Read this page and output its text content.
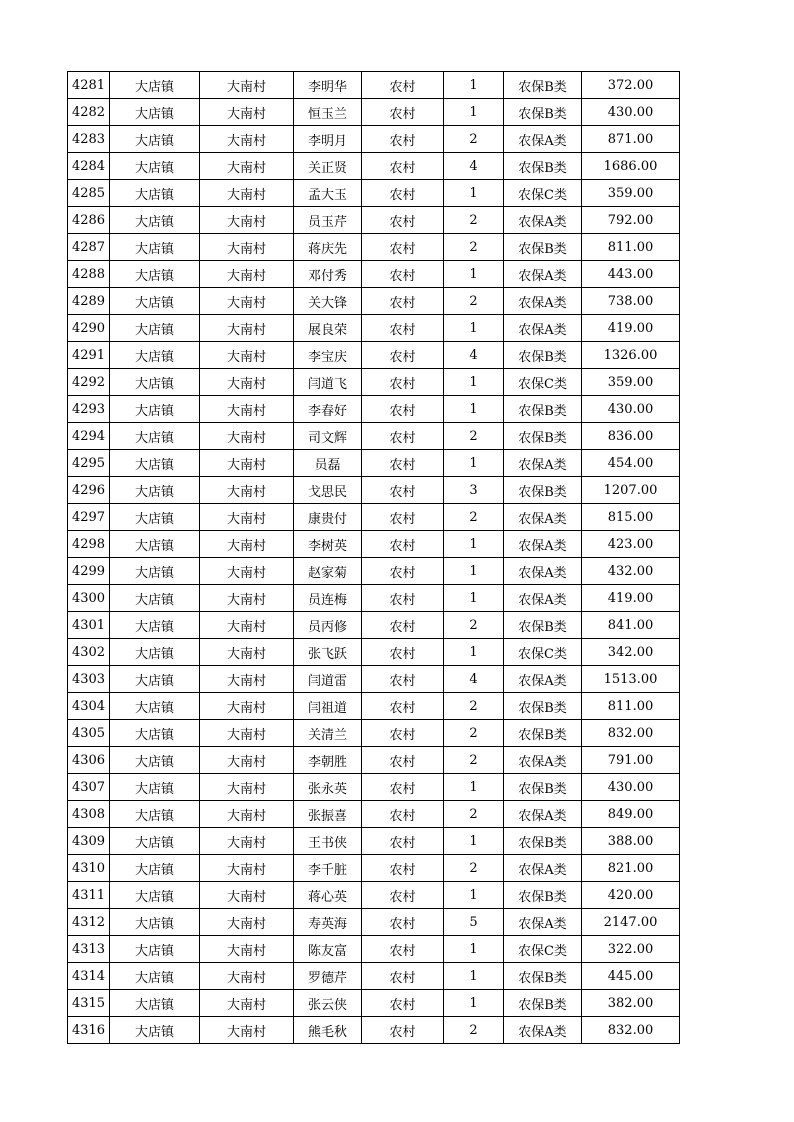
4281	大店镇	大南村	李明华	农村	1	农保B类	372.00
4282	大店镇	大南村	恒玉兰	农村	1	农保B类	430.00
4283	大店镇	大南村	李明月	农村	2	农保A类	871.00
4284	大店镇	大南村	关正贤	农村	4	农保B类	1686.00
4285	大店镇	大南村	孟大玉	农村	1	农保C类	359.00
4286	大店镇	大南村	员玉芹	农村	2	农保A类	792.00
4287	大店镇	大南村	蒋庆先	农村	2	农保B类	811.00
4288	大店镇	大南村	邓付秀	农村	1	农保A类	443.00
4289	大店镇	大南村	关大锋	农村	2	农保A类	738.00
4290	大店镇	大南村	展良荣	农村	1	农保A类	419.00
4291	大店镇	大南村	李宝庆	农村	4	农保B类	1326.00
4292	大店镇	大南村	闫道飞	农村	1	农保C类	359.00
4293	大店镇	大南村	李春好	农村	1	农保B类	430.00
4294	大店镇	大南村	司文辉	农村	2	农保B类	836.00
4295	大店镇	大南村	员磊	农村	1	农保A类	454.00
4296	大店镇	大南村	戈思民	农村	3	农保B类	1207.00
4297	大店镇	大南村	康贵付	农村	2	农保A类	815.00
4298	大店镇	大南村	李树英	农村	1	农保A类	423.00
4299	大店镇	大南村	赵家菊	农村	1	农保A类	432.00
4300	大店镇	大南村	员连梅	农村	1	农保A类	419.00
4301	大店镇	大南村	员丙修	农村	2	农保B类	841.00
4302	大店镇	大南村	张飞跃	农村	1	农保C类	342.00
4303	大店镇	大南村	闫道雷	农村	4	农保A类	1513.00
4304	大店镇	大南村	闫祖道	农村	2	农保B类	811.00
4305	大店镇	大南村	关清兰	农村	2	农保B类	832.00
4306	大店镇	大南村	李朝胜	农村	2	农保A类	791.00
4307	大店镇	大南村	张永英	农村	1	农保B类	430.00
4308	大店镇	大南村	张振喜	农村	2	农保A类	849.00
4309	大店镇	大南村	王书侠	农村	1	农保B类	388.00
4310	大店镇	大南村	李千脏	农村	2	农保A类	821.00
4311	大店镇	大南村	蒋心英	农村	1	农保B类	420.00
4312	大店镇	大南村	寿英海	农村	5	农保A类	2147.00
4313	大店镇	大南村	陈友富	农村	1	农保C类	322.00
4314	大店镇	大南村	罗德芹	农村	1	农保B类	445.00
4315	大店镇	大南村	张云侠	农村	1	农保B类	382.00
4316	大店镇	大南村	熊毛秋	农村	2	农保A类	832.00
